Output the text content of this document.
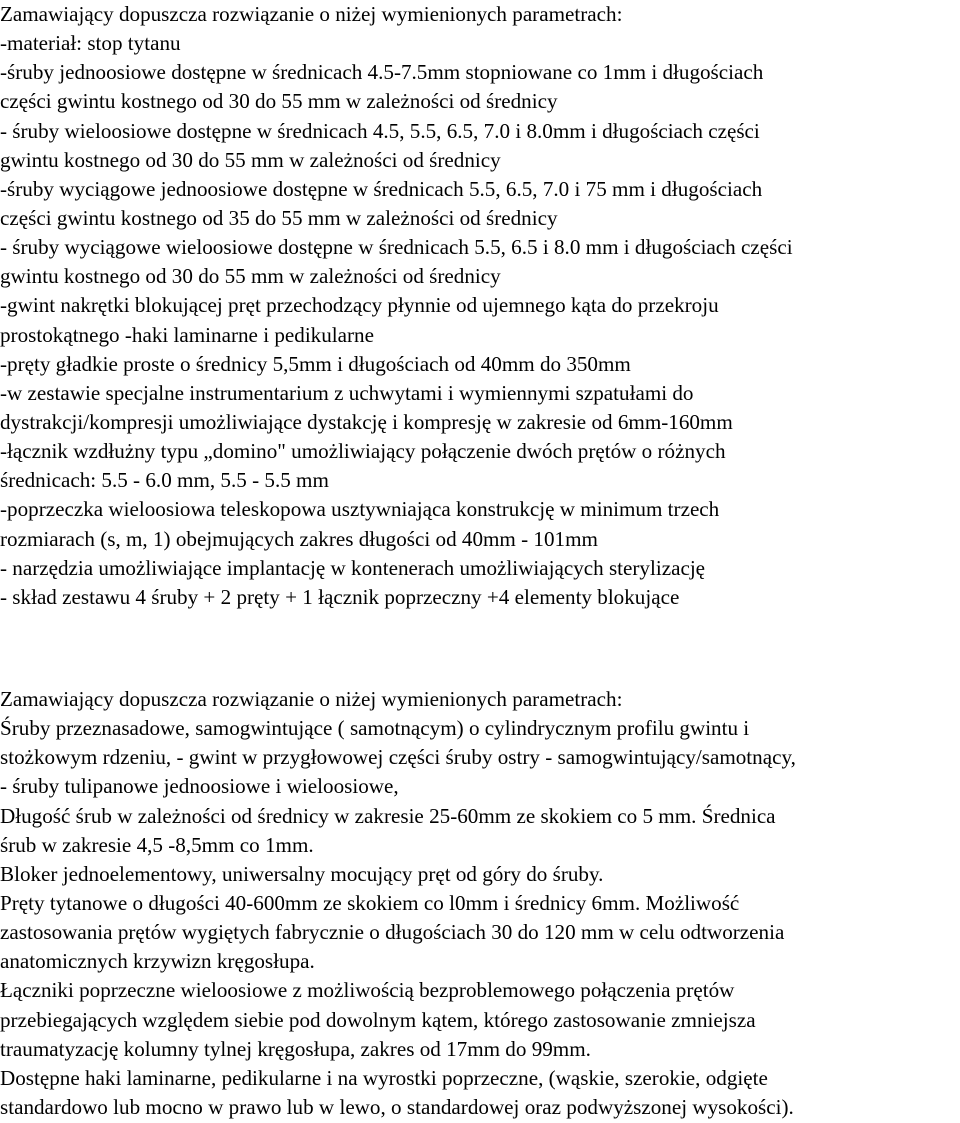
Zamawiający dopuszcza rozwiązanie o niżej wymienionych parametrach:
-materiał: stop tytanu
-śruby jednoosiowe dostępne w średnicach 4.5-7.5mm stopniowane co 1mm i długościach
części gwintu kostnego od 30 do 55 mm w zależności od średnicy
- śruby wieloosiowe dostępne w średnicach 4.5, 5.5, 6.5, 7.0 i 8.0mm i długościach części
gwintu kostnego od 30 do 55 mm w zależności od średnicy
-śruby wyciągowe jednoosiowe dostępne w średnicach 5.5, 6.5, 7.0 i 75 mm i długościach
części gwintu kostnego od 35 do 55 mm w zależności od średnicy
- śruby wyciągowe wieloosiowe dostępne w średnicach 5.5, 6.5 i 8.0 mm i długościach części
gwintu kostnego od 30 do 55 mm w zależności od średnicy
-gwint nakrętki blokującej pręt przechodzący płynnie od ujemnego kąta do przekroju
prostokątnego -haki laminarne i pedikularne
-pręty gładkie proste o średnicy 5,5mm i długościach od 40mm do 350mm
-w zestawie specjalne instrumentarium z uchwytami i wymiennymi szpatułami do
dystrakcji/kompresji umożliwiające dystakcję i kompresję w zakresie od 6mm-160mm
-łącznik wzdłużny typu „domino" umożliwiający połączenie dwóch prętów o różnych
średnicach: 5.5 - 6.0 mm, 5.5 - 5.5 mm
-poprzeczka wieloosiowa teleskopowa usztywniająca konstrukcję w minimum trzech
rozmiarach (s, m, 1) obejmujących zakres długości od 40mm - 101mm
- narzędzia umożliwiające implantację w kontenerach umożliwiających sterylizację
- skład zestawu 4 śruby + 2 pręty + 1 łącznik poprzeczny +4 elementy blokujące
Zamawiający dopuszcza rozwiązanie o niżej wymienionych parametrach:
Śruby przeznasadowe, samogwintujące ( samotnącym) o cylindrycznym profilu gwintu i
stożkowym rdzeniu, - gwint w przygłowowej części śruby ostry - samogwintujący/samotnący,
- śruby tulipanowe jednoosiowe i wieloosiowe,
Długość śrub w zależności od średnicy w zakresie 25-60mm ze skokiem co 5 mm. Średnica
śrub w zakresie 4,5 -8,5mm co 1mm.
Bloker jednoelementowy, uniwersalny mocujący pręt od góry do śruby.
Pręty tytanowe o długości 40-600mm ze skokiem co l0mm i średnicy 6mm. Możliwość
zastosowania prętów wygiętych fabrycznie o długościach 30 do 120 mm w celu odtworzenia
anatomicznych krzywizn kręgosłupa.
Łączniki poprzeczne wieloosiowe z możliwością bezproblemowego połączenia prętów
przebiegających względem siebie pod dowolnym kątem, którego zastosowanie zmniejsza
traumatyzację kolumny tylnej kręgosłupa, zakres od 17mm do 99mm.
Dostępne haki laminarne, pedikularne i na wyrostki poprzeczne, (wąskie, szerokie, odgięte
standardowo lub mocno w prawo lub w lewo, o standardowej oraz podwyższonej wysokości).
